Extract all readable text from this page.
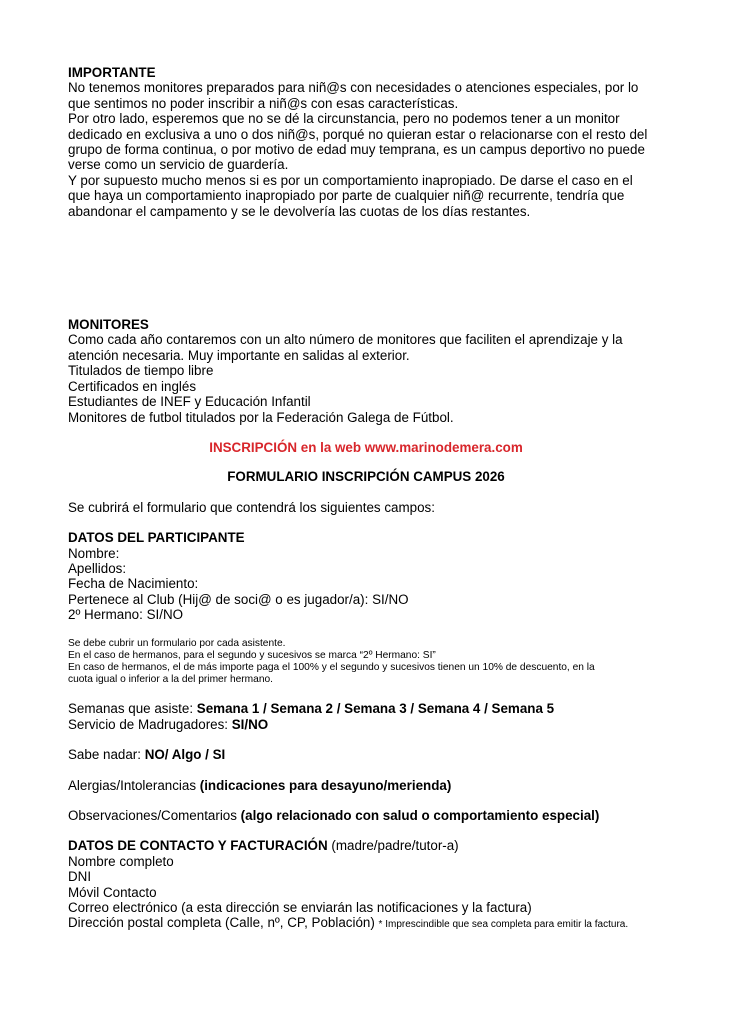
IMPORTANTE

No tenemos monitores preparados para niñ@s con necesidades o atenciones especiales, por lo

que sentimos no poder inscribir a niñ@s con esas características.

Por otro lado, esperemos que no se dé la circunstancia, pero no podemos tener a un monitor

dedicado en exclusiva a uno o dos niñ@s, porqué no quieran estar o relacionarse con el resto del

grupo de forma continua, o por motivo de edad muy temprana, es un campus deportivo no puede

verse como un servicio de guardería.

Y por supuesto mucho menos si es por un comportamiento inapropiado. De darse el caso en el

que haya un comportamiento inapropiado por parte de cualquier niñ@ recurrente, tendría que

abandonar el campamento y se le devolvería las cuotas de los días restantes.

MONITORES

Como cada año contaremos con un alto número de monitores que faciliten el aprendizaje y la

atención necesaria. Muy importante en salidas al exterior.

Titulados de tiempo libre

Certificados en inglés

Estudiantes de INEF y Educación Infantil

Monitores de futbol titulados por la Federación Galega de Fútbol.

INSCRIPCIÓN en la web www.marinodemera.com

FORMULARIO INSCRIPCIÓN CAMPUS 2026

Se cubrirá el formulario que contendrá los siguientes campos:

DATOS DEL PARTICIPANTE

Nombre:

Apellidos:

Fecha de Nacimiento:

Pertenece al Club (Hij@ de soci@ o es jugador/a): SI/NO

2º Hermano: SI/NO

Se debe cubrir un formulario por cada asistente.

En el caso de hermanos, para el segundo y sucesivos se marca “2º Hermano: SI”

En caso de hermanos, el de más importe paga el 100% y el segundo y sucesivos tienen un 10% de descuento, en la

cuota igual o inferior a la del primer hermano.

Semanas que asiste: Semana 1 / Semana 2 / Semana 3 / Semana 4 / Semana 5

Servicio de Madrugadores: SI/NO

Sabe nadar: NO/ Algo / SI

Alergias/Intolerancias (indicaciones para desayuno/merienda)

Observaciones/Comentarios (algo relacionado con salud o comportamiento especial)

DATOS DE CONTACTO Y FACTURACIÓN (madre/padre/tutor-a)

Nombre completo

DNI

Móvil Contacto

Correo electrónico (a esta dirección se enviarán las notificaciones y la factura)

Dirección postal completa (Calle, nº, CP, Población) * Imprescindible que sea completa para emitir la factura.
